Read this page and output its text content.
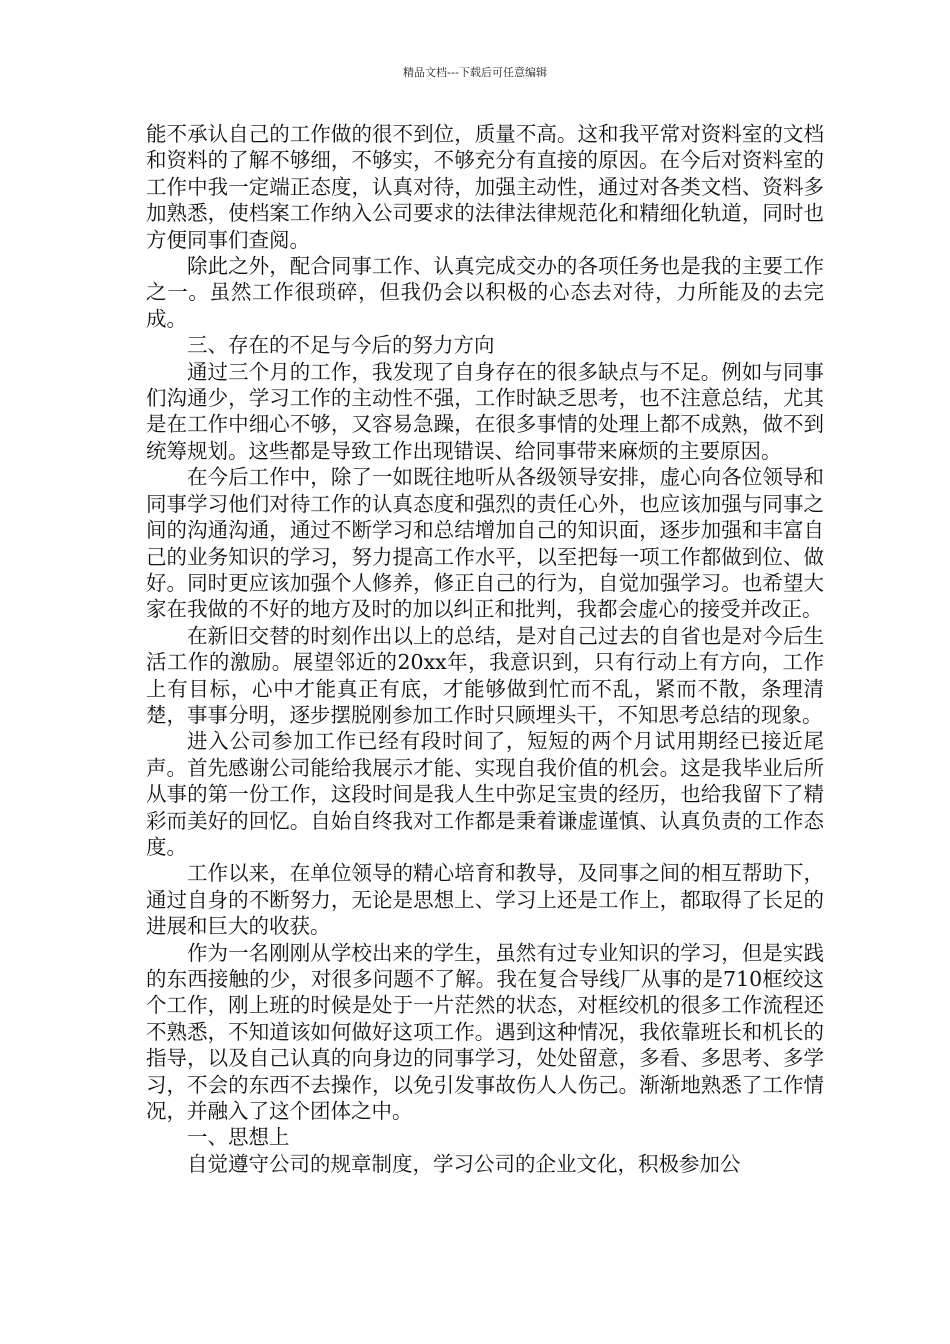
精品文档---下载后可任意编辑

能不承认自己的工作做的很不到位，质量不高。这和我平常对资料室的文档和资料的了解不够细，不够实，不够充分有直接的原因。在今后对资料室的工作中我一定端正态度，认真对待，加强主动性，通过对各类文档、资料多加熟悉，使档案工作纳入公司要求的法律法律规范化和精细化轨道，同时也方便同事们查阅。

除此之外，配合同事工作、认真完成交办的各项任务也是我的主要工作之一。虽然工作很琐碎，但我仍会以积极的心态去对待，力所能及的去完成。

三、存在的不足与今后的努力方向

通过三个月的工作，我发现了自身存在的很多缺点与不足。例如与同事们沟通少，学习工作的主动性不强，工作时缺乏思考，也不注意总结，尤其是在工作中细心不够，又容易急躁，在很多事情的处理上都不成熟，做不到统筹规划。这些都是导致工作出现错误、给同事带来麻烦的主要原因。

在今后工作中，除了一如既往地听从各级领导安排，虚心向各位领导和同事学习他们对待工作的认真态度和强烈的责任心外，也应该加强与同事之间的沟通沟通，通过不断学习和总结增加自己的知识面，逐步加强和丰富自己的业务知识的学习，努力提高工作水平，以至把每一项工作都做到位、做好。同时更应该加强个人修养，修正自己的行为，自觉加强学习。也希望大家在我做的不好的地方及时的加以纠正和批判，我都会虚心的接受并改正。

在新旧交替的时刻作出以上的总结，是对自己过去的自省也是对今后生活工作的激励。展望邻近的20xx年，我意识到，只有行动上有方向，工作上有目标，心中才能真正有底，才能够做到忙而不乱，紧而不散，条理清楚，事事分明，逐步摆脱刚参加工作时只顾埋头干，不知思考总结的现象。

进入公司参加工作已经有段时间了，短短的两个月试用期经已接近尾声。首先感谢公司能给我展示才能、实现自我价值的机会。这是我毕业后所从事的第一份工作，这段时间是我人生中弥足宝贵的经历，也给我留下了精彩而美好的回忆。自始自终我对工作都是秉着谦虚谨慎、认真负责的工作态度。

工作以来，在单位领导的精心培育和教导，及同事之间的相互帮助下，通过自身的不断努力，无论是思想上、学习上还是工作上，都取得了长足的进展和巨大的收获。

作为一名刚刚从学校出来的学生，虽然有过专业知识的学习，但是实践的东西接触的少，对很多问题不了解。我在复合导线厂从事的是710框绞这个工作，刚上班的时候是处于一片茫然的状态，对框绞机的很多工作流程还不熟悉，不知道该如何做好这项工作。遇到这种情况，我依靠班长和机长的指导，以及自己认真的向身边的同事学习，处处留意，多看、多思考、多学习，不会的东西不去操作，以免引发事故伤人人伤己。渐渐地熟悉了工作情况，并融入了这个团体之中。

一、思想上

自觉遵守公司的规章制度，学习公司的企业文化，积极参加公
